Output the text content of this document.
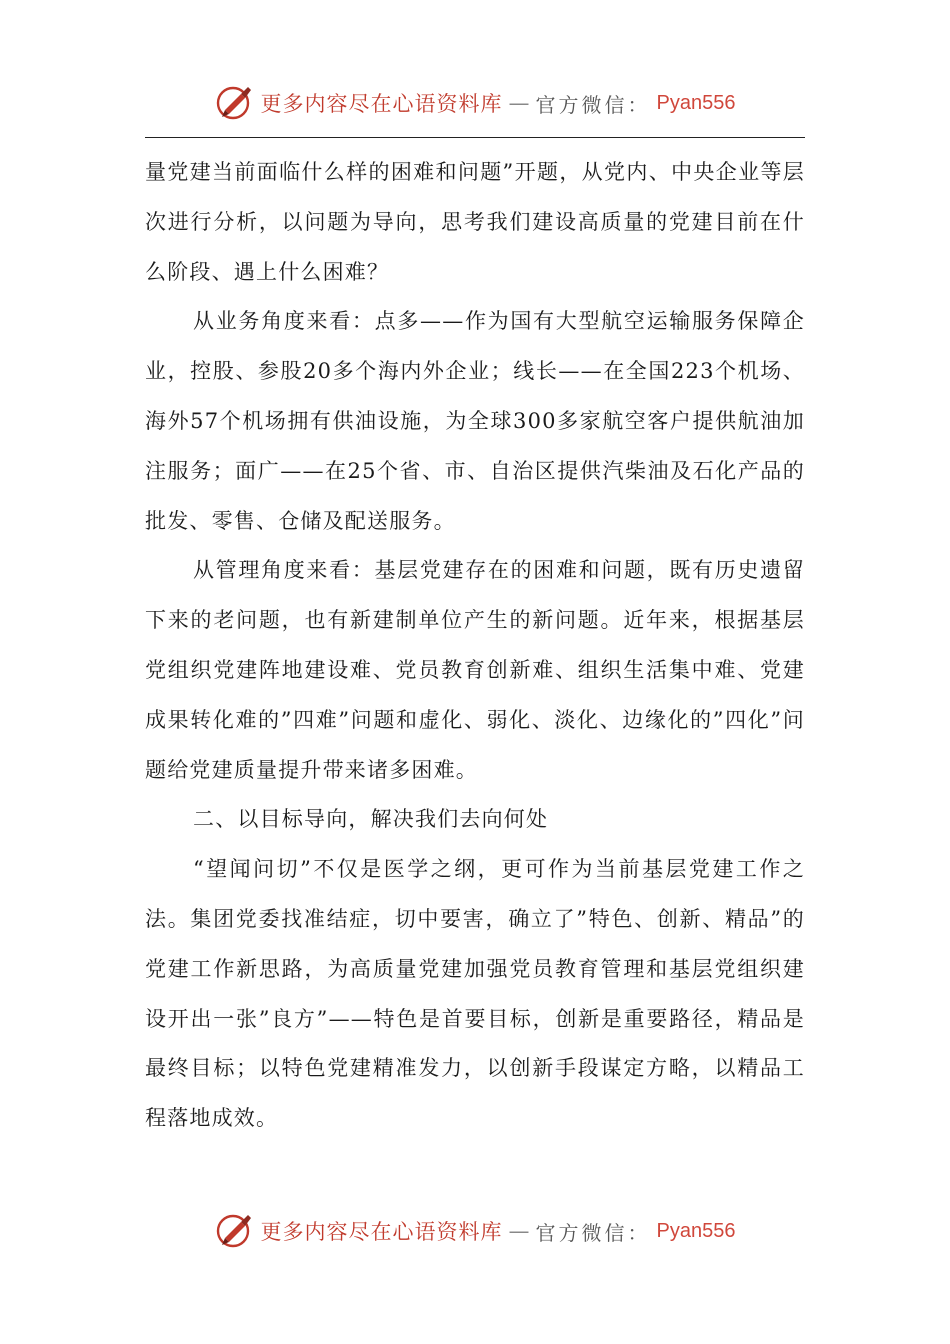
更多内容尽在心语资料库 — 官方微信： Pyan556

量党建当前面临什么样的困难和问题”开题，从党内、中央企业等层次进行分析，以问题为导向，思考我们建设高质量的党建目前在什么阶段、遇上什么困难？

从业务角度来看：点多——作为国有大型航空运输服务保障企业，控股、参股20多个海内外企业；线长——在全国223个机场、海外57个机场拥有供油设施，为全球300多家航空客户提供航油加注服务；面广——在25个省、市、自治区提供汽柴油及石化产品的批发、零售、仓储及配送服务。

从管理角度来看：基层党建存在的困难和问题，既有历史遗留下来的老问题，也有新建制单位产生的新问题。近年来，根据基层党组织党建阵地建设难、党员教育创新难、组织生活集中难、党建成果转化难的”四难”问题和虚化、弱化、淡化、边缘化的”四化”问题给党建质量提升带来诸多困难。

二、以目标导向，解决我们去向何处

“望闻问切”不仅是医学之纲，更可作为当前基层党建工作之法。集团党委找准结症，切中要害，确立了”特色、创新、精品”的党建工作新思路，为高质量党建加强党员教育管理和基层党组织建设开出一张”良方”——特色是首要目标，创新是重要路径，精品是最终目标；以特色党建精准发力，以创新手段谋定方略，以精品工程落地成效。

更多内容尽在心语资料库 — 官方微信： Pyan556
